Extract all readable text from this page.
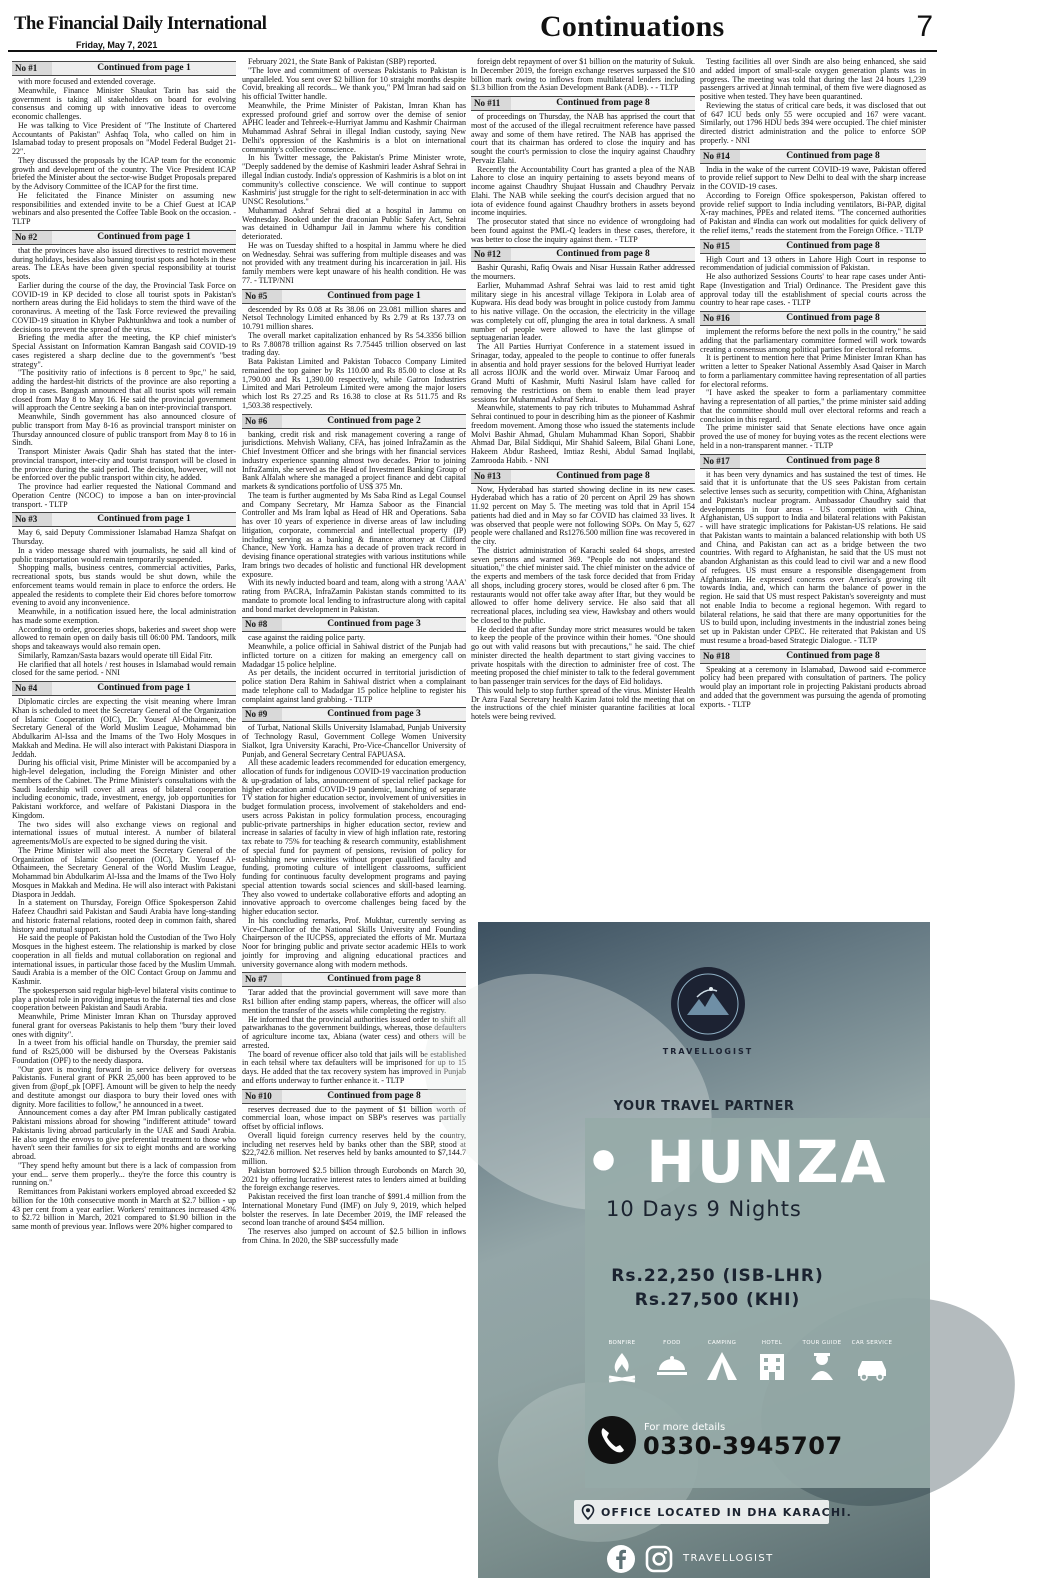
The Financial Daily International
Friday, May 7, 2021
Continuations	7
No #1	Continued from page 1

with more focused and extended coverage.

Meanwhile, Finance Minister Shaukat Tarin has said the government is taking all stakeholders on board for evolving consensus and coming up with innovative ideas to overcome economic challenges.

He was talking to Vice President of "The Institute of Chartered Accountants of Pakistan" Ashfaq Tola, who called on him in Islamabad today to present proposals on "Model Federal Budget 21-22".

They discussed the proposals by the ICAP team for the economic growth and development of the country. The Vice President ICAP briefed the Minister about the sector-wise Budget Proposals prepared by the Advisory Committee of the ICAP for the first time.

He felicitated the Finance Minister on assuming new responsibilities and extended invite to be a Chief Guest at ICAP webinars and also presented the Coffee Table Book on the occasion. - TLTP

No #2	Continued from page 1

that the provinces have also issued directives to restrict movement during holidays, besides also banning tourist spots and hotels in these areas. The LEAs have been given special responsibility at tourist spots.

Earlier during the course of the day, the Provincial Task Force on COVID-19 in KP decided to close all tourist spots in Pakistan's northern areas during the Eid holidays to stem the third wave of the coronavirus. A meeting of the Task Force reviewed the prevailing COVID-19 situation in Khyber Pakhtunkhwa and took a number of decisions to prevent the spread of the virus.

Briefing the media after the meeting, the KP chief minister's Special Assistant on Information Kamran Bangash said COVID-19 cases registered a sharp decline due to the government's "best strategy".

"The positivity ratio of infections is 8 percent to 9pc," he said, adding the hardest-hit districts of the province are also reporting a drop in cases. Bangash announced that all tourist spots will remain closed from May 8 to May 16. He said the provincial government will approach the Centre seeking a ban on inter-provincial transport.

Meanwhile, Sindh government has also announced closure of public transport from May 8-16 as provincial transport minister on Thursday announced closure of public transport from May 8 to 16 in Sindh.

Transport Minister Awais Qadir Shah has stated that the inter-provincial transport, inter-city and tourist transport will be closed in the province during the said period. The decision, however, will not be enforced over the public transport within city, he added.

The province had earlier requested the National Command and Operation Centre (NCOC) to impose a ban on inter-provincial transport. - TLTP

No #3	Continued from page 1

May 6, said Deputy Commissioner Islamabad Hamza Shafqat on Thursday.

In a video message shared with journalists, he said all kind of public transportation would remain temporarily suspended.

Shopping malls, business centres, commercial activities, Parks, recreational spots, bus stands would be shut down, while the enforcement teams would remain in place to enforce the orders. He appealed the residents to complete their Eid chores before tomorrow evening to avoid any inconvenience.

Meanwhile, in a notification issued here, the local administration has made some exemption.

According to order, groceries shops, bakeries and sweet shop were allowed to remain open on daily basis till 06:00 PM. Tandoors, milk shops and takeaways would also remain open.

Similarly, Ramzan/Sasta bazars would operate till Eidal Fitr.

He clarified that all hotels / rest houses in Islamabad would remain closed for the same period. - NNI

No #4	Continued from page 1

Diplomatic circles are expecting the visit meaning where Imran Khan is scheduled to meet the Secretary General of the Organization of Islamic Cooperation (OIC), Dr. Yousef Al-Othaimeen, the Secretary General of the World Muslim League, Mohammad bin Abdulkarim Al-Issa and the Imams of the Two Holy Mosques in Makkah and Medina. He will also interact with Pakistani Diaspora in Jeddah.

During his official visit, Prime Minister will be accompanied by a high-level delegation, including the Foreign Minister and other members of the Cabinet. The Prime Minister's consultations with the Saudi leadership will cover all areas of bilateral cooperation including economic, trade, investment, energy, job opportunities for Pakistani workforce, and welfare of Pakistani Diaspora in the Kingdom.

The two sides will also exchange views on regional and international issues of mutual interest. A number of bilateral agreements/MoUs are expected to be signed during the visit.

The Prime Minister will also meet the Secretary General of the Organization of Islamic Cooperation (OIC), Dr. Yousef Al-Othaimeen, the Secretary General of the World Muslim League, Mohammad bin Abdulkarim Al-Issa and the Imams of the Two Holy Mosques in Makkah and Medina. He will also interact with Pakistani Diaspora in Jeddah.

In a statement on Thursday, Foreign Office Spokesperson Zahid Hafeez Chaudhri said Pakistan and Saudi Arabia have long-standing and historic fraternal relations, rooted deep in common faith, shared history and mutual support.

He said the people of Pakistan hold the Custodian of the Two Holy Mosques in the highest esteem. The relationship is marked by close cooperation in all fields and mutual collaboration on regional and international issues, in particular those faced by the Muslim Ummah. Saudi Arabia is a member of the OIC Contact Group on Jammu and Kashmir.

The spokesperson said regular high-level bilateral visits continue to play a pivotal role in providing impetus to the fraternal ties and close cooperation between Pakistan and Saudi Arabia.

Meanwhile, Prime Minister Imran Khan on Thursday approved funeral grant for overseas Pakistanis to help them "bury their loved ones with dignity".

In a tweet from his official handle on Thursday, the premier said fund of Rs25,000 will be disbursed by the Overseas Pakistanis Foundation (OPF) to the needy diaspora.

"Our govt is moving forward in service delivery for overseas Pakistanis. Funeral grant of PKR 25,000 has been approved to be given from @opf_pk [OPF]. Amount will be given to help the needy and destitute amongst our diaspora to bury their loved ones with dignity. More facilities to follow," he announced in a tweet.

Announcement comes a day after PM Imran publically castigated Pakistani missions abroad for showing "indifferent attitude" toward Pakistanis living abroad particularly in the UAE and Saudi Arabia. He also urged the envoys to give preferential treatment to those who haven't seen their families for six to eight months and are working abroad.

"They spend hefty amount but there is a lack of compassion from your end... serve them properly... they're the force this country is running on."

Remittances from Pakistani workers employed abroad exceeded $2 billion for the 10th consecutive month in March at $2.7 billion - up 43 per cent from a year earlier. Workers' remittances increased 43% to $2.72 billion in March, 2021 compared to $1.90 billion in the same month of previous year. Inflows were 20% higher compared to

February 2021, the State Bank of Pakistan (SBP) reported.

"The love and commitment of overseas Pakistanis to Pakistan is unparalleled. You sent over $2 billion for 10 straight months despite Covid, breaking all records... We thank you," PM Imran had said on his official Twitter handle.

Meanwhile, the Prime Minister of Pakistan, Imran Khan has expressed profound grief and sorrow over the demise of senior APHC leader and Tehreek-e-Hurriyat Jammu and Kashmir Chairman Muhammad Ashraf Sehrai in illegal Indian custody, saying New Delhi's oppression of the Kashmiris is a blot on international community's collective conscience.

In his Twitter message, the Pakistan's Prime Minister wrote, "Deeply saddened by the demise of Kashmiri leader Ashraf Sehrai in illegal Indian custody. India's oppression of Kashmiris is a blot on int community's collective conscience. We will continue to support Kashmiris' just struggle for the right to self-determination in acc with UNSC Resolutions."

Muhammad Ashraf Sehrai died at a hospital in Jammu on Wednesday. Booked under the draconian Public Safety Act, Sehrai was detained in Udhampur Jail in Jammu where his condition deteriorated.

He was on Tuesday shifted to a hospital in Jammu where he died on Wednesday. Sehrai was suffering from multiple diseases and was not provided with any treatment during his incarceration in jail. His family members were kept unaware of his health condition. He was 77. - TLTP/NNI

No #5	Continued from page 1

descended by Rs 0.08 at Rs 38.06 on 23.081 million shares and Netsol Technology Limited enhanced by Rs 2.79 at Rs 137.73 on 10.791 million shares.

The overall market capitalization enhanced by Rs 54.3356 billion to Rs 7.80878 trillion against Rs 7.75445 trillion observed on last trading day.

Bata Pakistan Limited and Pakistan Tobacco Company Limited remained the top gainer by Rs 110.00 and Rs 85.00 to close at Rs 1,790.00 and Rs 1,390.00 respectively, while Gatron Industries Limited and Mari Petroleum Limited were among the major losers which lost Rs 27.25 and Rs 16.38 to close at Rs 511.75 and Rs 1,503.38 respectively.

No #6	Continued from page 2

banking, credit risk and risk management covering a range of jurisdictions. Mehvish Waliany, CFA, has joined InfraZamin as the Chief Investment Officer and she brings with her financial services industry experience spanning almost two decades. Prior to joining InfraZamin, she served as the Head of Investment Banking Group of Bank Alfalah where she managed a project finance and debt capital markets & syndications portfolio of US$ 375 Mn.

The team is further augmented by Ms Saba Rind as Legal Counsel and Company Secretary, Mr Hamza Saboor as the Financial Controller and Ms Iram Iqbal as Head of HR and Operations. Saba has over 10 years of experience in diverse areas of law including litigation, corporate, commercial and intellectual property (IP) including serving as a banking & finance attorney at Clifford Chance, New York. Hamza has a decade of proven track record in devising finance operational strategies with various institutions while Iram brings two decades of holistic and functional HR development exposure.

With its newly inducted board and team, along with a strong 'AAA' rating from PACRA, InfraZamin Pakistan stands committed to its mandate to promote local lending to infrastructure along with capital and bond market development in Pakistan.

No #8	Continued from page 3

case against the raiding police party.

Meanwhile, a police official in Sahiwal district of the Punjab had inflicted torture on a citizen for making an emergency call on Madadgar 15 police helpline.

As per details, the incident occurred in territorial jurisdiction of police station Dera Rahim in Sahiwal district when a complainant made telephone call to Madadgar 15 police helpline to register his complaint against land grabbing. - TLTP

No #9	Continued from page 3

of Turbat, National Skills University Islamabad, Punjab University of Technology Rasul, Government College Women University Sialkot, Igra University Karachi, Pro-Vice-Chancellor University of Punjab, and General Secretary Central FAPUASA.

All these academic leaders recommended for education emergency, allocation of funds for indigenous COVID-19 vaccination production & up-gradation of labs, announcement of special relief package for higher education amid COVID-19 pandemic, launching of separate TV station for higher education sector, involvement of universities in budget formulation process, involvement of stakeholders and end-users across Pakistan in policy formulation process, encouraging public-private partnerships in higher education sector, review and increase in salaries of faculty in view of high inflation rate, restoring tax rebate to 75% for teaching & research community, establishment of special fund for payment of pensions, revision of policy for establishing new universities without proper qualified faculty and funding, promoting culture of intelligent classrooms, sufficient funding for continuous faculty development programs and paying special attention towards social sciences and skill-based learning. They also vowed to undertake collaborative efforts and adopting an innovative approach to overcome challenges being faced by the higher education sector.

In his concluding remarks, Prof. Mukhtar, currently serving as Vice-Chancellor of the National Skills University and Founding Chairperson of the IUCPSS, appreciated the efforts of Mr. Murtaza Noor for bringing public and private sector academic HEIs to work jointly for improving and aligning educational practices and university governance along with modern methods.

No #7	Continued from page 8

Tarar added that the provincial government will save more than Rs1 billion after ending stamp papers, whereas, the officer will also mention the transfer of the assets while completing the registry.

He informed that the provincial authorities issued order to shift all patwarkhanas to the government buildings, whereas, those defaulters of agriculture income tax, Abiana (water cess) and others will be arrested.

The board of revenue officer also told that jails will be established in each tehsil where tax defaulters will be imprisoned for up to 15 days. He added that the tax recovery system has improved in Punjab and efforts underway to further enhance it. - TLTP

No #10	Continued from page 8

reserves decreased due to the payment of $1 billion worth of commercial loan, whose impact on SBP's reserves was partially offset by official inflows.

Overall liquid foreign currency reserves held by the country, including net reserves held by banks other than the SBP, stood at $22,742.6 million. Net reserves held by banks amounted to $7,144.7 million.

Pakistan borrowed $2.5 billion through Eurobonds on March 30, 2021 by offering lucrative interest rates to lenders aimed at building the foreign exchange reserves.

Pakistan received the first loan tranche of $991.4 million from the International Monetary Fund (IMF) on July 9, 2019, which helped bolster the reserves. In late December 2019, the IMF released the second loan tranche of around $454 million.

The reserves also jumped on account of $2.5 billion in inflows from China. In 2020, the SBP successfully made

foreign debt repayment of over $1 billion on the maturity of Sukuk. In December 2019, the foreign exchange reserves surpassed the $10 billion mark owing to inflows from multilateral lenders including $1.3 billion from the Asian Development Bank (ADB). - - TLTP

No #11	Continued from page 8

of proceedings on Thursday, the NAB has apprised the court that most of the accused of the illegal recruitment reference have passed away and some of them have retired. The NAB has apprised the court that its chairman has ordered to close the inquiry and has sought the court's permission to close the inquiry against Chaudhry Pervaiz Elahi.

Recently the Accountability Court has granted a plea of the NAB Lahore to close an inquiry pertaining to assets beyond means of income against Chaudhry Shujaat Hussain and Chaudhry Pervaiz Elahi. The NAB while seeking the court's decision argued that no iota of evidence found against Chaudhry brothers in assets beyond income inquiries.

The prosecutor stated that since no evidence of wrongdoing had been found against the PML-Q leaders in these cases, therefore, it was better to close the inquiry against them. - TLTP

No #12	Continued from page 8

Bashir Qurashi, Rafiq Owais and Nisar Hussain Rather addressed the mourners.

Earlier, Muhammad Ashraf Sehrai was laid to rest amid tight military siege in his ancestral village Tekipora in Lolab area of Kupwara. His dead body was brought in police custody from Jammu to his native village. On the occasion, the electricity in the village was completely cut off, plunging the area in total darkness. A small number of people were allowed to have the last glimpse of septuagenarian leader.

The All Parties Hurriyat Conference in a statement issued in Srinagar, today, appealed to the people to continue to offer funerals in absentia and hold prayer sessions for the beloved Hurriyat leader all across IIOJK and the world over. Mirwaiz Umar Farooq and Grand Mufti of Kashmir, Mufti Nasirul Islam have called for removing the restrictions on them to enable them lead prayer sessions for Muhammad Ashraf Sehrai.

Meanwhile, statements to pay rich tributes to Muhammad Ashraf Sehrai continued to pour in describing him as the pioneer of Kashmir freedom movement. Among those who issued the statements include Molvi Bashir Ahmad, Ghulam Muhammad Khan Sopori, Shabbir Ahmad Dar, Bilal Siddiqui, Mir Shahid Saleem, Bilal Ghani Lone, Hakeem Abdur Rasheed, Imtiaz Reshi, Abdul Samad Inqilabi, Zamroodа Habib. - NNI

No #13	Continued from page 8

Now, Hyderabad has started showing decline in its new cases. Hyderabad which has a ratio of 20 percent on April 29 has shown 11.92 percent on May 5. The meeting was told that in April 154 patients had died and in May so far COVID has claimed 33 lives. It was observed that people were not following SOPs. On May 5, 627 people were challaned and Rs1276.500 million fine was recovered in the city.

The district administration of Karachi sealed 64 shops, arrested seven persons and warned 369. "People do not understand the situation," the chief minister said. The chief minister on the advice of the experts and members of the task force decided that from Friday all shops, including grocery stores, would be closed after 6 pm. The restaurants would not offer take away after Iftar, but they would be allowed to offer home delivery service. He also said that all recreational places, including sea view, Hawksbay and others would be closed to the public.

He decided that after Sunday more strict measures would be taken to keep the people of the province within their homes. "One should go out with valid reasons but with precautions," he said. The chief minister directed the health department to start giving vaccines to private hospitals with the direction to administer free of cost. The meeting proposed the chief minister to talk to the federal government to ban passenger train services for the days of Eid holidays.

This would help to stop further spread of the virus. Minister Health Dr Azra Fazal Secretary health Kazim Jatoi told the meeting that on the instructions of the chief minister quarantine facilities at local hotels were being revived.

Testing facilities all over Sindh are also being enhanced, she said and added import of small-scale oxygen generation plants was in progress. The meeting was told that during the last 24 hours 1,239 passengers arrived at Jinnah terminal, of them five were diagnosed as positive when tested. They have been quarantined.

Reviewing the status of critical care beds, it was disclosed that out of 647 ICU beds only 55 were occupied and 167 were vacant. Similarly, out 1796 HDU beds 394 were occupied. The chief minister directed district administration and the police to enforce SOP properly. - NNI

No #14	Continued from page 8

India in the wake of the current COVID-19 wave, Pakistan offered to provide relief support to New Delhi to deal with the sharp increase in the COVID-19 cases.

According to Foreign Office spokesperson, Pakistan offered to provide relief support to India including ventilators, Bi-PAP, digital X-ray machines, PPEs and related items. "The concerned authorities of Pakistan and #India can work out modalities for quick delivery of the relief items," reads the statement from the Foreign Office. - TLTP

No #15	Continued from page 8

High Court and 13 others in Lahore High Court in response to recommendation of judicial commission of Pakistan.

He also authorized Sessions Courts' to hear rape cases under Anti-Rape (Investigation and Trial) Ordinance. The President gave this approval today till the establishment of special courts across the country to hear rape cases. - TLTP

No #16	Continued from page 8

implement the reforms before the next polls in the country," he said adding that the parliamentary committee formed will work towards creating a consensus among political parties for electoral reforms.

It is pertinent to mention here that Prime Minister Imran Khan has written a letter to Speaker National Assembly Asad Qaiser in March to form a parliamentary committee having representation of all parties for electoral reforms.

"I have asked the speaker to form a parliamentary committee having a representation of all parties," the prime minister said adding that the committee should mull over electoral reforms and reach a conclusion in this regard.

The prime minister said that Senate elections have once again proved the use of money for buying votes as the recent elections were held in a non-transparent manner. - TLTP

No #17	Continued from page 8

it has been very dynamics and has sustained the test of times. He said that it is unfortunate that the US sees Pakistan from certain selective lenses such as security, competition with China, Afghanistan and Pakistan's nuclear program. Ambassador Chaudhry said that developments in four areas - US competition with China, Afghanistan, US support to India and bilateral relations with Pakistan - will have strategic implications for Pakistan-US relations. He said that Pakistan wants to maintain a balanced relationship with both US and China, and Pakistan can act as a bridge between the two countries. With regard to Afghanistan, he said that the US must not abandon Afghanistan as this could lead to civil war and a new flood of refugees. US must ensure a responsible disengagement from Afghanistan. He expressed concerns over America's growing tilt towards India, and, which can harm the balance of power in the region. He said that US must respect Pakistan's sovereignty and must not enable India to become a regional hegemon. With regard to bilateral relations, he said that there are many opportunities for the US to build upon, including investments in the industrial zones being set up in Pakistan under CPEC. He reiterated that Pakistan and US must resume a broad-based Strategic Dialogue. - TLTP

No #18	Continued from page 8

Speaking at a ceremony in Islamabad, Dawood said e-commerce policy had been prepared with consultation of partners. The policy would play an important role in projecting Pakistani products abroad and added that the government was pursuing the agenda of promoting exports. - TLTP

TRAVELLOGIST
YOUR TRAVEL PARTNER
• HUNZA
10 Days 9 Nights
Rs.22,250 (ISB-LHR)
Rs.27,500 (KHI)
BONFIRE	FOOD	CAMPING	HOTEL	TOUR GUIDE	CAR SERVICE
For more details
0330-3945707
OFFICE LOCATED IN DHA KARACHI.
TRAVELLOGIST
